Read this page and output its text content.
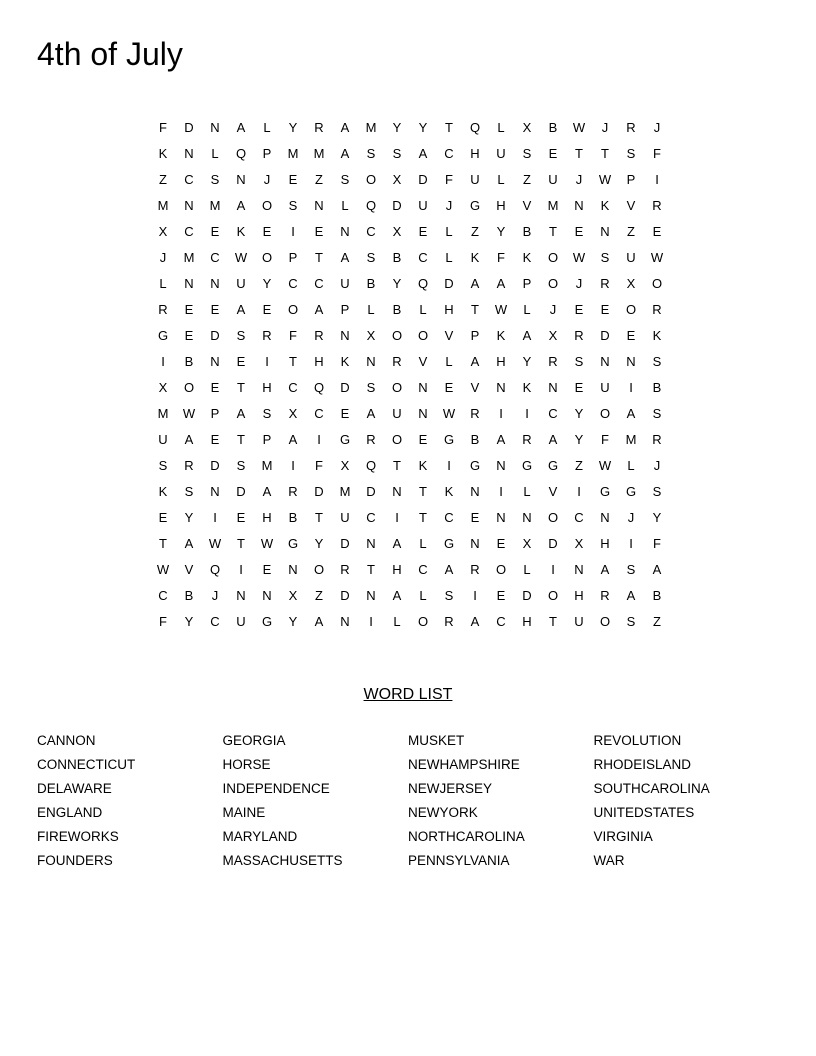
4th of July
F	D	N	A	L	Y	R	A	M	Y	Y	T	Q	L	X	B	W	J	R	J
K	N	L	Q	P	M	M	A	S	S	A	C	H	U	S	E	T	T	S	F
Z	C	S	N	J	E	Z	S	O	X	D	F	U	L	Z	U	J	W	P	I
M	N	M	A	O	S	N	L	Q	D	U	J	G	H	V	M	N	K	V	R
X	C	E	K	E	I	E	N	C	X	E	L	Z	Y	B	T	E	N	Z	E
J	M	C	W	O	P	T	A	S	B	C	L	K	F	K	O	W	S	U	W
L	N	N	U	Y	C	C	U	B	Y	Q	D	A	A	P	O	J	R	X	O
R	E	E	A	E	O	A	P	L	B	L	H	T	W	L	J	E	E	O	R
G	E	D	S	R	F	R	N	X	O	O	V	P	K	A	X	R	D	E	K
I	B	N	E	I	T	H	K	N	R	V	L	A	H	Y	R	S	N	N	S
X	O	E	T	H	C	Q	D	S	O	N	E	V	N	K	N	E	U	I	B
M	W	P	A	S	X	C	E	A	U	N	W	R	I	I	C	Y	O	A	S
U	A	E	T	P	A	I	G	R	O	E	G	B	A	R	A	Y	F	M	R
S	R	D	S	M	I	F	X	Q	T	K	I	G	N	G	G	Z	W	L	J
K	S	N	D	A	R	D	M	D	N	T	K	N	I	L	V	I	G	G	S
E	Y	I	E	H	B	T	U	C	I	T	C	E	N	N	O	C	N	J	Y
T	A	W	T	W	G	Y	D	N	A	L	G	N	E	X	D	X	H	I	F
W	V	Q	I	E	N	O	R	T	H	C	A	R	O	L	I	N	A	S	A
C	B	J	N	N	X	Z	D	N	A	L	S	I	E	D	O	H	R	A	B
F	Y	C	U	G	Y	A	N	I	L	O	R	A	C	H	T	U	O	S	Z
WORD LIST
CANNON
CONNECTICUT
DELAWARE
ENGLAND
FIREWORKS
FOUNDERS
GEORGIA
HORSE
INDEPENDENCE
MAINE
MARYLAND
MASSACHUSETTS
MUSKET
NEWHAMPSHIRE
NEWJERSEY
NEWYORK
NORTHCAROLINA
PENNSYLVANIA
REVOLUTION
RHODEISLAND
SOUTHCAROLINA
UNITEDSTATES
VIRGINIA
WAR
